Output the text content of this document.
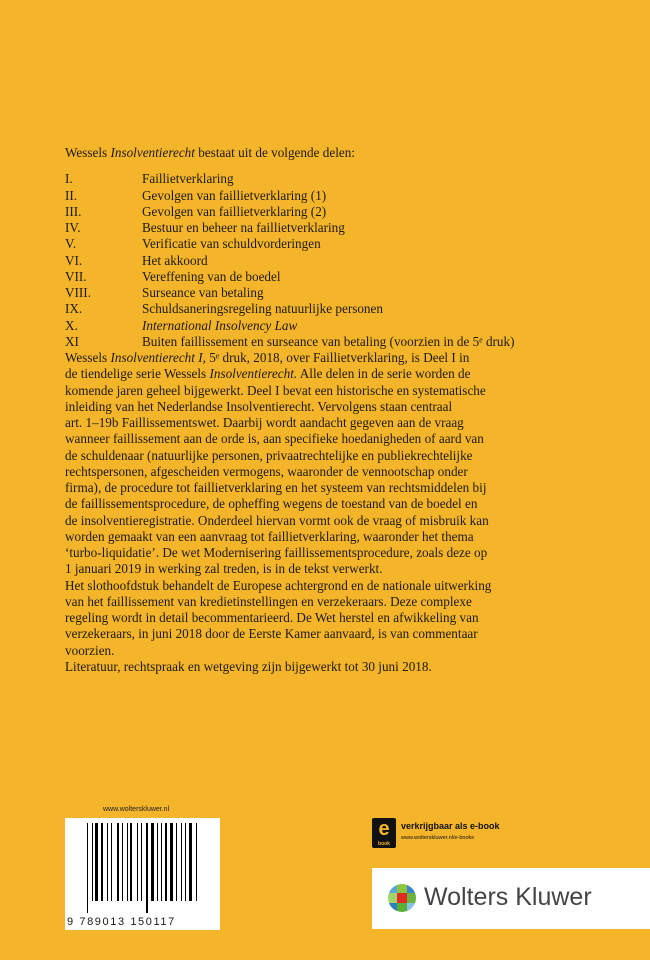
Wessels Insolventierecht bestaat uit de volgende delen:
I.	Faillietverklaring
II.	Gevolgen van faillietverklaring (1)
III.	Gevolgen van faillietverklaring (2)
IV.	Bestuur en beheer na faillietverklaring
V.	Verificatie van schuldvorderingen
VI.	Het akkoord
VII.	Vereffening van de boedel
VIII.	Surseance van betaling
IX.	Schuldsaneringsregeling natuurlijke personen
X.	International Insolvency Law
XI	Buiten faillissement en surseance van betaling (voorzien in de 5ᵉ druk)
Wessels Insolventierecht I, 5ᵉ druk, 2018, over Faillietverklaring, is Deel I in
de tiendelige serie Wessels Insolventierecht. Alle delen in de serie worden de
komende jaren geheel bijgewerkt. Deel I bevat een historische en systematische
inleiding van het Nederlandse Insolventierecht. Vervolgens staan centraal
art. 1–19b Faillissementswet. Daarbij wordt aandacht gegeven aan de vraag
wanneer faillissement aan de orde is, aan specifieke hoedanigheden of aard van
de schuldenaar (natuurlijke personen, privaatrechtelijke en publiekrechtelijke
rechtspersonen, afgescheiden vermogens, waaronder de vennootschap onder
firma), de procedure tot faillietverklaring en het systeem van rechtsmiddelen bij
de faillissementsprocedure, de opheffing wegens de toestand van de boedel en
de insolventieregistratie. Onderdeel hiervan vormt ook de vraag of misbruik kan
worden gemaakt van een aanvraag tot faillietverklaring, waaronder het thema
‘turbo-liquidatie’. De wet Modernisering faillissementsprocedure, zoals deze op
1 januari 2019 in werking zal treden, is in de tekst verwerkt.
Het slothoofdstuk behandelt de Europese achtergrond en de nationale uitwerking
van het faillissement van kredietinstellingen en verzekeraars. Deze complexe
regeling wordt in detail becommentarieerd. De Wet herstel en afwikkeling van
verzekeraars, in juni 2018 door de Eerste Kamer aanvaard, is van commentaar
voorzien.
Literatuur, rechtspraak en wetgeving zijn bijgewerkt tot 30 juni 2018.
www.wolterskluwer.nl
9 789013 150117
e
book
verkrijgbaar als e-book
www.wolterskluwer.nl/e-books
Wolters Kluwer
